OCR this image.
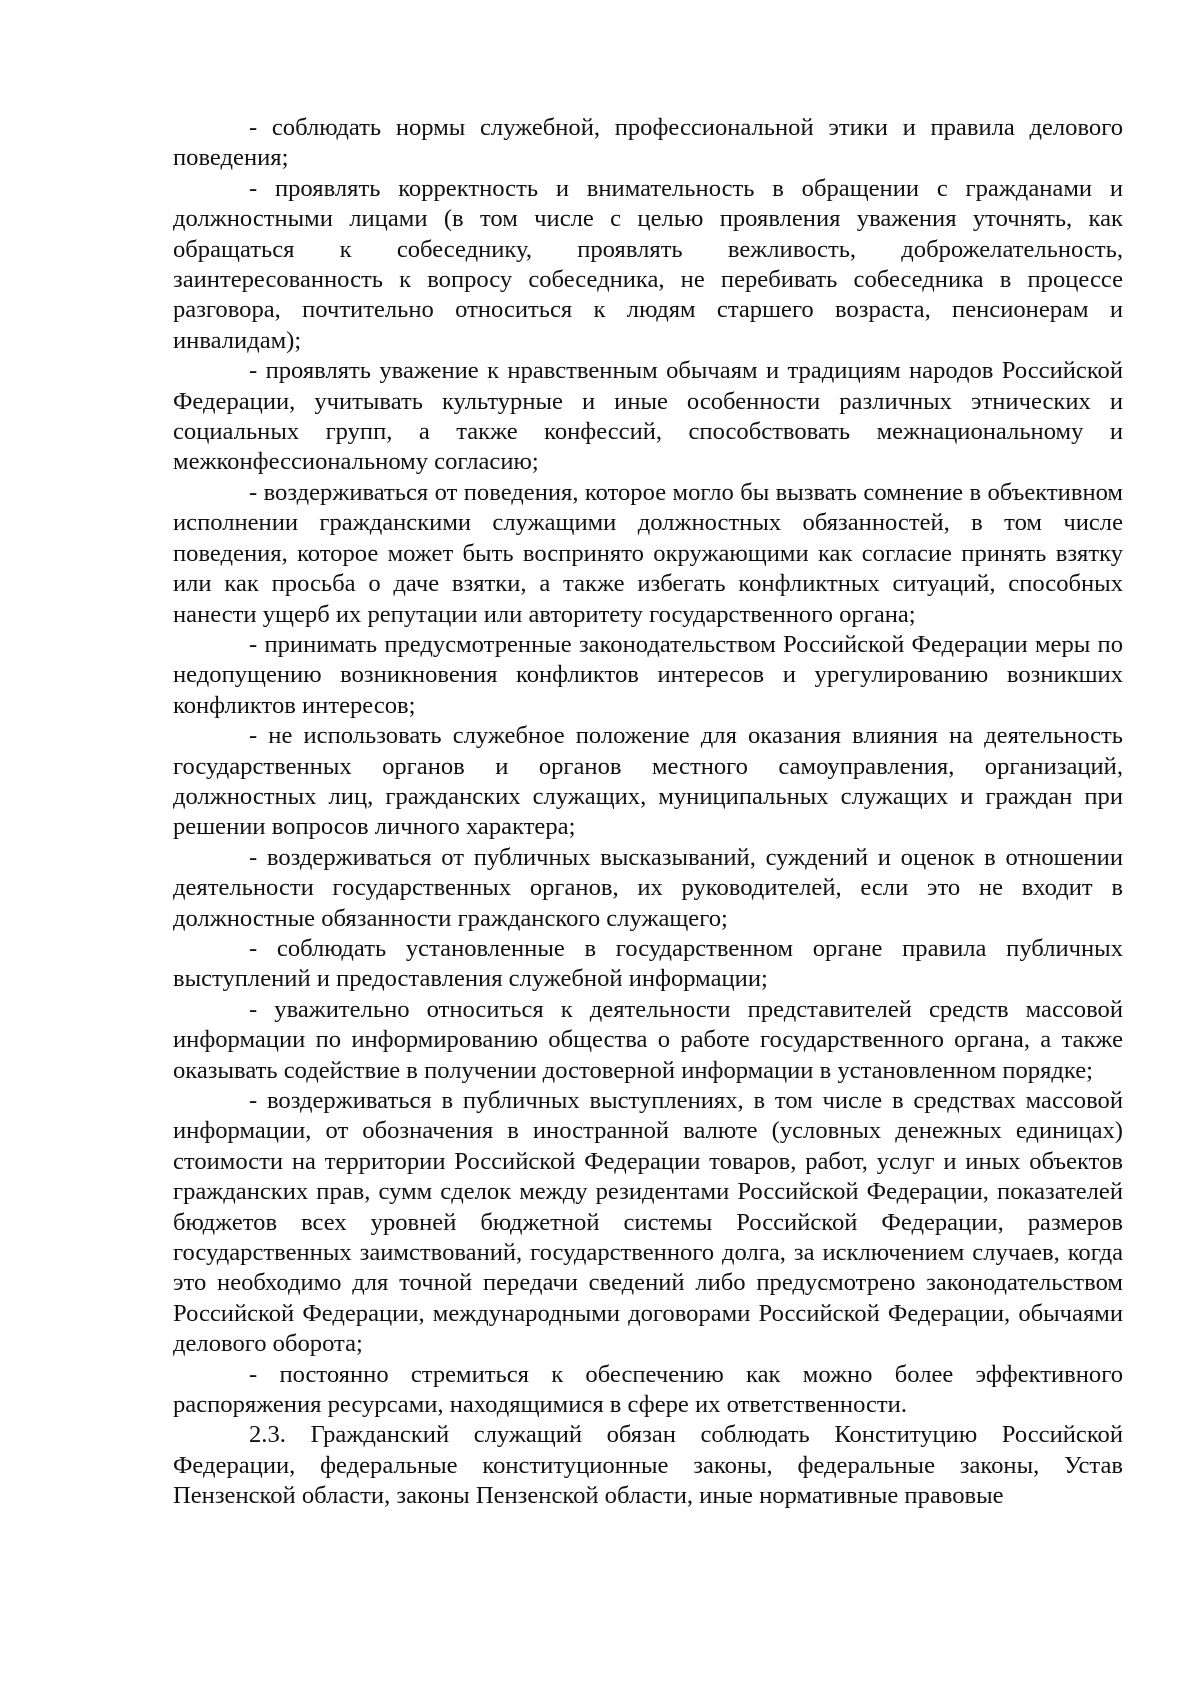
- соблюдать нормы служебной, профессиональной этики и правила делового поведения;

- проявлять корректность и внимательность в обращении с гражданами и должностными лицами (в том числе с целью проявления уважения уточнять, как обращаться к собеседнику, проявлять вежливость, доброжелательность, заинтересованность к вопросу собеседника, не перебивать собеседника в процессе разговора, почтительно относиться к людям старшего возраста, пенсионерам и инвалидам);

- проявлять уважение к нравственным обычаям и традициям народов Российской Федерации, учитывать культурные и иные особенности различных этнических и социальных групп, а также конфессий, способствовать межнациональному и межконфессиональному согласию;

- воздерживаться от поведения, которое могло бы вызвать сомнение в объективном исполнении гражданскими служащими должностных обязанностей, в том числе поведения, которое может быть воспринято окружающими как согласие принять взятку или как просьба о даче взятки, а также избегать конфликтных ситуаций, способных нанести ущерб их репутации или авторитету государственного органа;

- принимать предусмотренные законодательством Российской Федерации меры по недопущению возникновения конфликтов интересов и урегулированию возникших конфликтов интересов;

- не использовать служебное положение для оказания влияния на деятельность государственных органов и органов местного самоуправления, организаций, должностных лиц, гражданских служащих, муниципальных служащих и граждан при решении вопросов личного характера;

- воздерживаться от публичных высказываний, суждений и оценок в отношении деятельности государственных органов, их руководителей, если это не входит в должностные обязанности гражданского служащего;

- соблюдать установленные в государственном органе правила публичных выступлений и предоставления служебной информации;

- уважительно относиться к деятельности представителей средств массовой информации по информированию общества о работе государственного органа, а также оказывать содействие в получении достоверной информации в установленном порядке;

- воздерживаться в публичных выступлениях, в том числе в средствах массовой информации, от обозначения в иностранной валюте (условных денежных единицах) стоимости на территории Российской Федерации товаров, работ, услуг и иных объектов гражданских прав, сумм сделок между резидентами Российской Федерации, показателей бюджетов всех уровней бюджетной системы Российской Федерации, размеров государственных заимствований, государственного долга, за исключением случаев, когда это необходимо для точной передачи сведений либо предусмотрено законодательством Российской Федерации, международными договорами Российской Федерации, обычаями делового оборота;

- постоянно стремиться к обеспечению как можно более эффективного распоряжения ресурсами, находящимися в сфере их ответственности.

2.3. Гражданский служащий обязан соблюдать Конституцию Российской Федерации, федеральные конституционные законы, федеральные законы, Устав Пензенской области, законы Пензенской области, иные нормативные правовые
